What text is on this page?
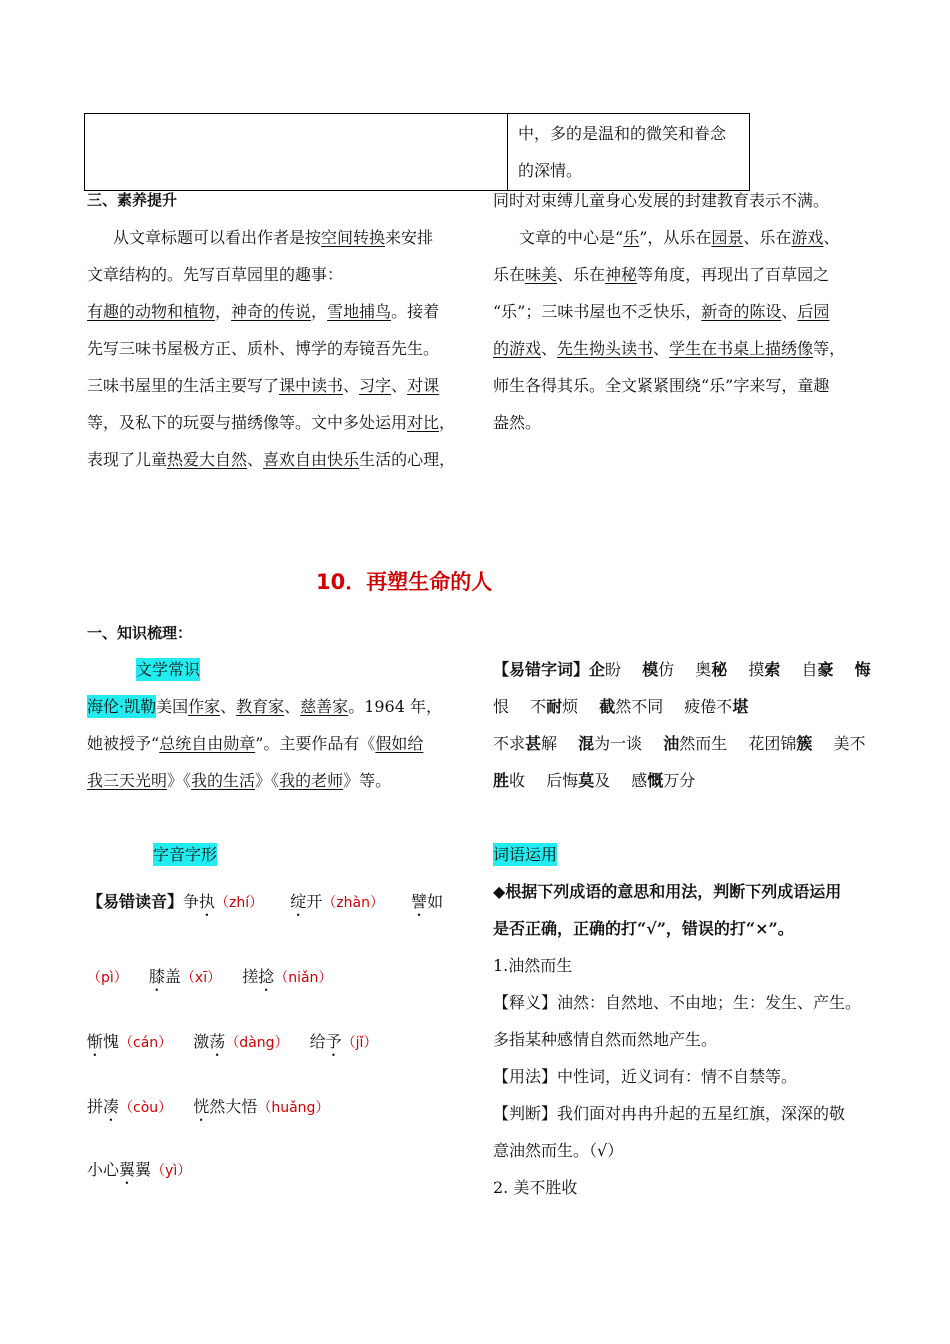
中，多的是温和的微笑和眷念
的深情。
三、素养提升
从文章标题可以看出作者是按空间转换来安排
文章结构的。先写百草园里的趣事：
有趣的动物和植物，神奇的传说，雪地捕鸟。接着
先写三味书屋极方正、质朴、博学的寿镜吾先生。
三味书屋里的生活主要写了课中读书、习字、对课
等，及私下的玩耍与描绣像等。文中多处运用对比，
表现了儿童热爱大自然、喜欢自由快乐生活的心理，
同时对束缚儿童身心发展的封建教育表示不满。
文章的中心是“乐”，从乐在园景、乐在游戏、
乐在味美、乐在神秘等角度，再现出了百草园之
“乐”；三味书屋也不乏快乐，新奇的陈设、后园
的游戏、先生拗头读书、学生在书桌上描绣像等，
师生各得其乐。全文紧紧围绕“乐”字来写，童趣
盎然。
10．再塑生命的人
一、知识梳理：
文学常识
海伦·凯勒美国作家、教育家、慈善家。1964 年，
她被授予“总统自由勋章”。主要作品有《假如给
我三天光明》《我的生活》《我的老师》等。
【易错字词】企盼　 模仿　 奥秘　 摸索　 自豪　 悔
恨　 不耐烦　 截然不同　 疲倦不堪
不求甚解　 混为一谈　 油然而生　 花团锦簇　 美不
胜收　 后悔莫及　 感慨万分
字音字形
【易错读音】争执（zhí） 绽开（zhàn） 譬如
（pì） 膝盖（xī） 搓捻（niǎn）
惭愧（cán） 激荡（dàng） 给予（jǐ）
拼凑（còu） 恍然大悟（huǎng）
小心翼翼（yì）
词语运用
◆根据下列成语的意思和用法，判断下列成语运用
是否正确，正确的打“√”，错误的打“×”。
1.油然而生
【释义】油然：自然地、不由地；生：发生、产生。
多指某种感情自然而然地产生。
【用法】中性词，近义词有：情不自禁等。
【判断】我们面对冉冉升起的五星红旗，深深的敬
意油然而生。（√）
2. 美不胜收
